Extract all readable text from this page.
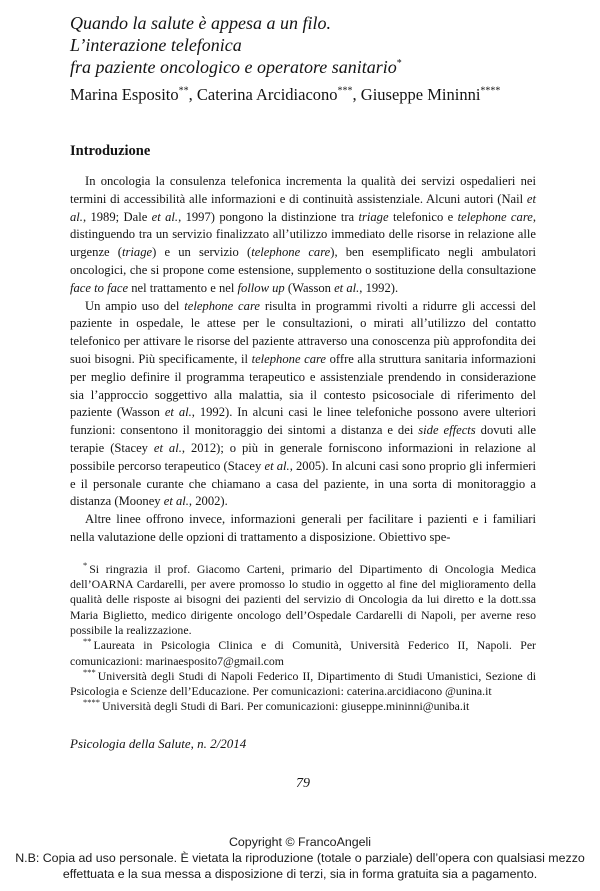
Quando la salute è appesa a un filo.
L’interazione telefonica
fra paziente oncologico e operatore sanitario*
Marina Esposito**, Caterina Arcidiacono***, Giuseppe Mininni****
Introduzione

In oncologia la consulenza telefonica incrementa la qualità dei servizi ospedalieri nei termini di accessibilità alle informazioni e di continuità assistenziale. Alcuni autori (Nail et al., 1989; Dale et al., 1997) pongono la distinzione tra triage telefonico e telephone care, distinguendo tra un servizio finalizzato all’utilizzo immediato delle risorse in relazione alle urgenze (triage) e un servizio (telephone care), ben esemplificato negli ambulatori oncologici, che si propone come estensione, supplemento o sostituzione della consultazione face to face nel trattamento e nel follow up (Wasson et al., 1992).

Un ampio uso del telephone care risulta in programmi rivolti a ridurre gli accessi del paziente in ospedale, le attese per le consultazioni, o mirati all’utilizzo del contatto telefonico per attivare le risorse del paziente attraverso una conoscenza più approfondita dei suoi bisogni. Più specificamente, il telephone care offre alla struttura sanitaria informazioni per meglio definire il programma terapeutico e assistenziale prendendo in considerazione sia l’approccio soggettivo alla malattia, sia il contesto psicosociale di riferimento del paziente (Wasson et al., 1992). In alcuni casi le linee telefoniche possono avere ulteriori funzioni: consentono il monitoraggio dei sintomi a distanza e dei side effects dovuti alle terapie (Stacey et al., 2012); o più in generale forniscono informazioni in relazione al possibile percorso terapeutico (Stacey et al., 2005). In alcuni casi sono proprio gli infermieri e il personale curante che chiamano a casa del paziente, in una sorta di monitoraggio a distanza (Mooney et al., 2002).

Altre linee offrono invece, informazioni generali per facilitare i pazienti e i familiari nella valutazione delle opzioni di trattamento a disposizione. Obiettivo spe-

* Si ringrazia il prof. Giacomo Carteni, primario del Dipartimento di Oncologia Medica dell’OARNA Cardarelli, per avere promosso lo studio in oggetto al fine del miglioramento della qualità delle risposte ai bisogni dei pazienti del servizio di Oncologia da lui diretto e la dott.ssa Maria Biglietto, medico dirigente oncologo dell’Ospedale Cardarelli di Napoli, per averne reso possibile la realizzazione.

** Laureata in Psicologia Clinica e di Comunità, Università Federico II, Napoli. Per comunicazioni: marinaesposito7@gmail.com

*** Università degli Studi di Napoli Federico II, Dipartimento di Studi Umanistici, Sezione di Psicologia e Scienze dell’Educazione. Per comunicazioni: caterina.arcidiacono @unina.it

**** Università degli Studi di Bari. Per comunicazioni: giuseppe.mininni@uniba.it

Psicologia della Salute, n. 2/2014
79
Copyright © FrancoAngeli
N.B: Copia ad uso personale. È vietata la riproduzione (totale o parziale) dell’opera con qualsiasi mezzo effettuata e la sua messa a disposizione di terzi, sia in forma gratuita sia a pagamento.
